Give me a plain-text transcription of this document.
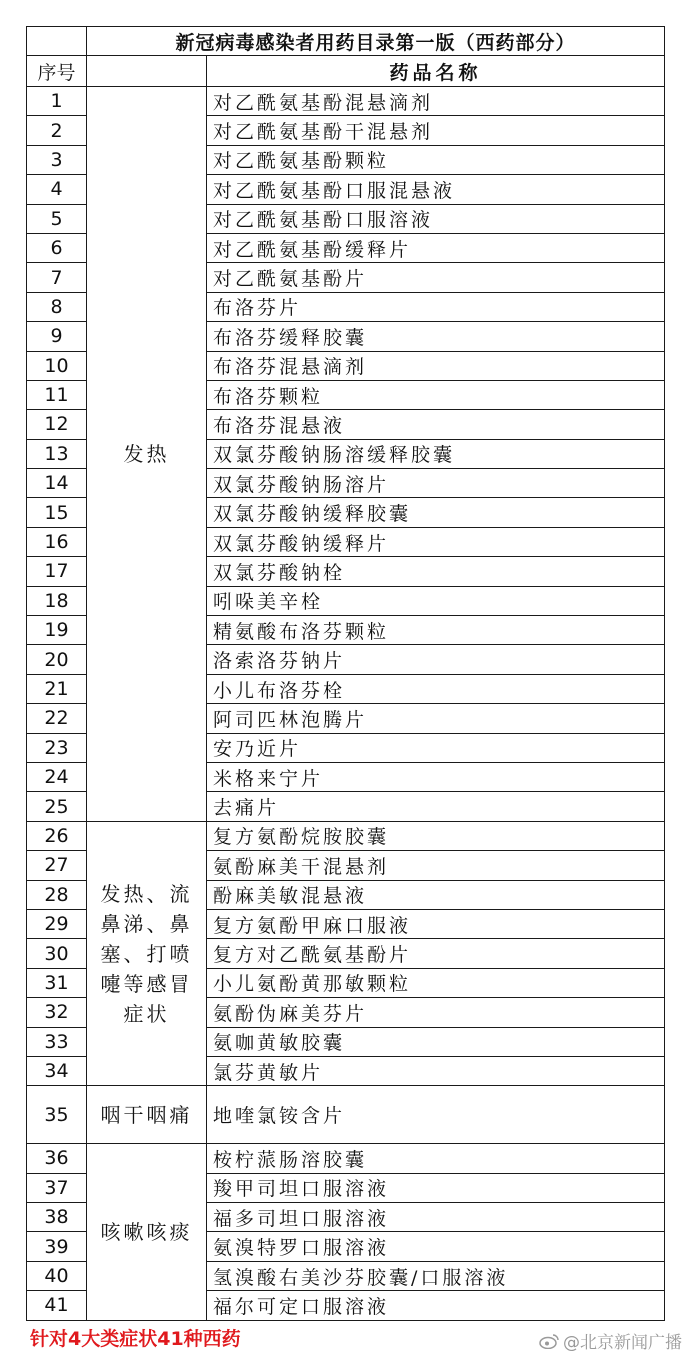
	新冠病毒感染者用药目录第一版（西药部分）	
序号		药品名称
1	发热	对乙酰氨基酚混悬滴剂
2		对乙酰氨基酚干混悬剂
3		对乙酰氨基酚颗粒
4		对乙酰氨基酚口服混悬液
5		对乙酰氨基酚口服溶液
6		对乙酰氨基酚缓释片
7		对乙酰氨基酚片
8		布洛芬片
9		布洛芬缓释胶囊
10		布洛芬混悬滴剂
11		布洛芬颗粒
12		布洛芬混悬液
13		双氯芬酸钠肠溶缓释胶囊
14		双氯芬酸钠肠溶片
15		双氯芬酸钠缓释胶囊
16		双氯芬酸钠缓释片
17		双氯芬酸钠栓
18		吲哚美辛栓
19		精氨酸布洛芬颗粒
20		洛索洛芬钠片
21		小儿布洛芬栓
22		阿司匹林泡腾片
23		安乃近片
24		米格来宁片
25		去痛片
26	发热、流鼻涕、鼻塞、打喷嚏等感冒症状	复方氨酚烷胺胶囊
27		氨酚麻美干混悬剂
28		酚麻美敏混悬液
29		复方氨酚甲麻口服液
30		复方对乙酰氨基酚片
31		小儿氨酚黄那敏颗粒
32		氨酚伪麻美芬片
33		氨咖黄敏胶囊
34		氯芬黄敏片
35	咽干咽痛	地喹氯铵含片
36	咳嗽咳痰	桉柠蒎肠溶胶囊
37		羧甲司坦口服溶液
38		福多司坦口服溶液
39		氨溴特罗口服溶液
40		氢溴酸右美沙芬胶囊/口服溶液
41		福尔可定口服溶液
针对4大类症状41种西药	@北京新闻广播
